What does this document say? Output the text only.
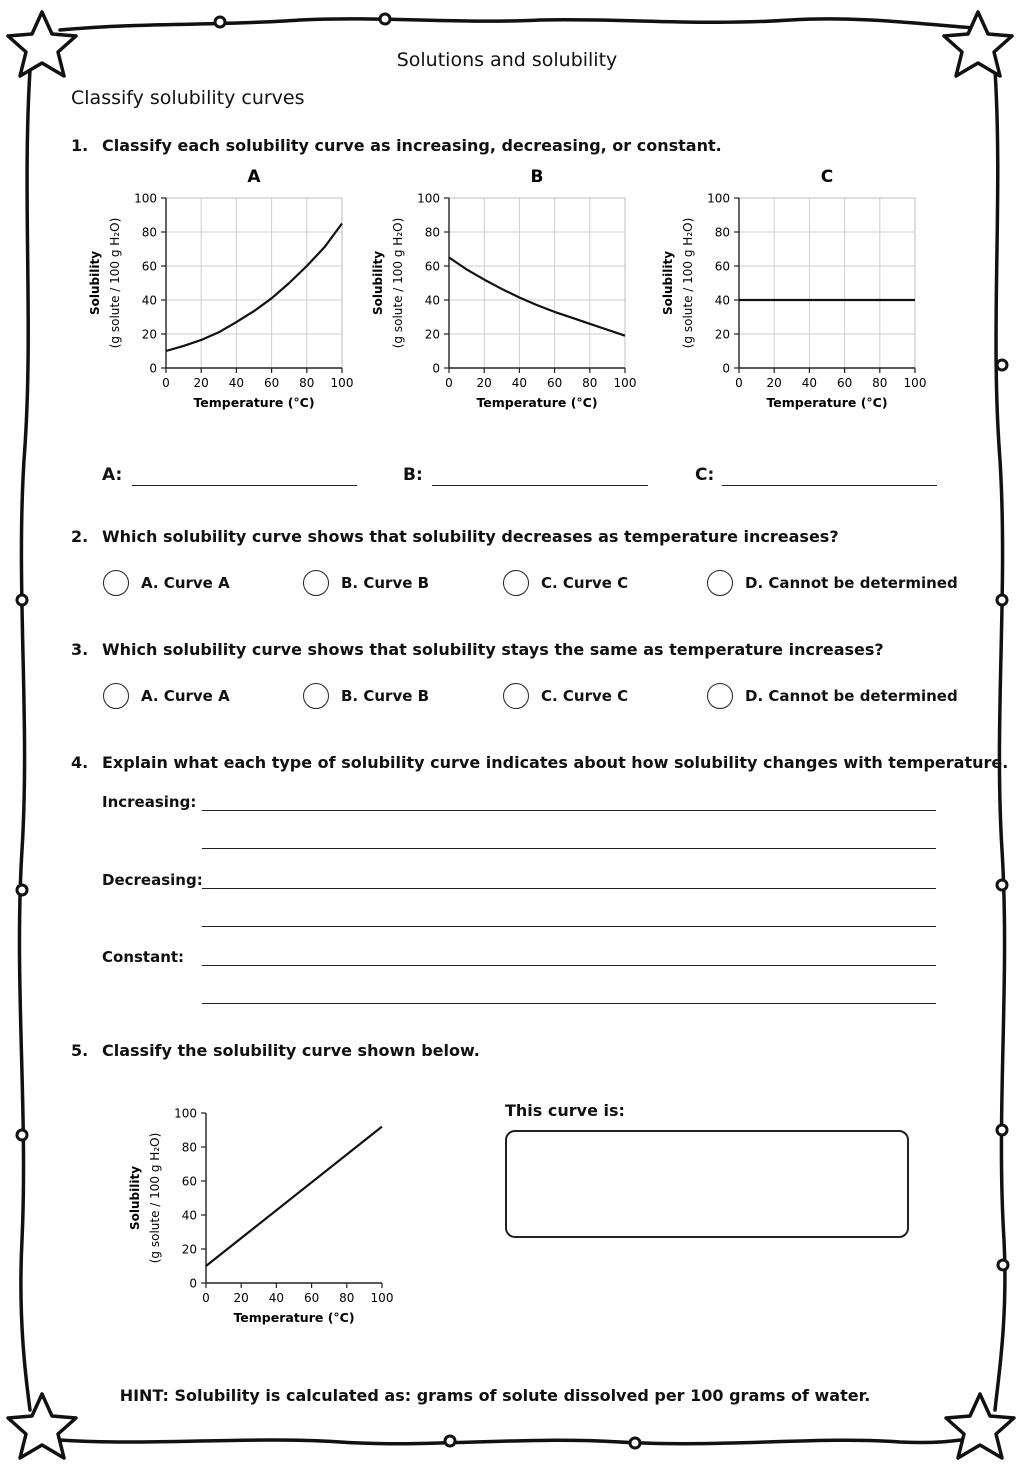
Solutions and solubility
Classify solubility curves
1. Classify each solubility curve as increasing, decreasing, or constant.
A
0
20
40
60
80
100
0 20 40 60 80 100
Temperature (°C)
Solubility (g solute / 100 g H₂O)
B
0
20
40
60
80
100
0 20 40 60 80 100
Temperature (°C)
Solubility (g solute / 100 g H₂O)
C
0
20
40
60
80
100
0 20 40 60 80 100
Temperature (°C)
Solubility (g solute / 100 g H₂O)
A:	B:	C:
2. Which solubility curve shows that solubility decreases as temperature increases?
A. Curve A	B. Curve B	C. Curve C	D. Cannot be determined
3. Which solubility curve shows that solubility stays the same as temperature increases?
A. Curve A	B. Curve B	C. Curve C	D. Cannot be determined
4. Explain what each type of solubility curve indicates about how solubility changes with temperature.
Increasing:
Decreasing:
Constant:
5. Classify the solubility curve shown below.
0
20
40
60
80
100
0 20 40 60 80 100
Temperature (°C)
Solubility (g solute / 100 g H₂O)
This curve is:
HINT: Solubility is calculated as: grams of solute dissolved per 100 grams of water.
